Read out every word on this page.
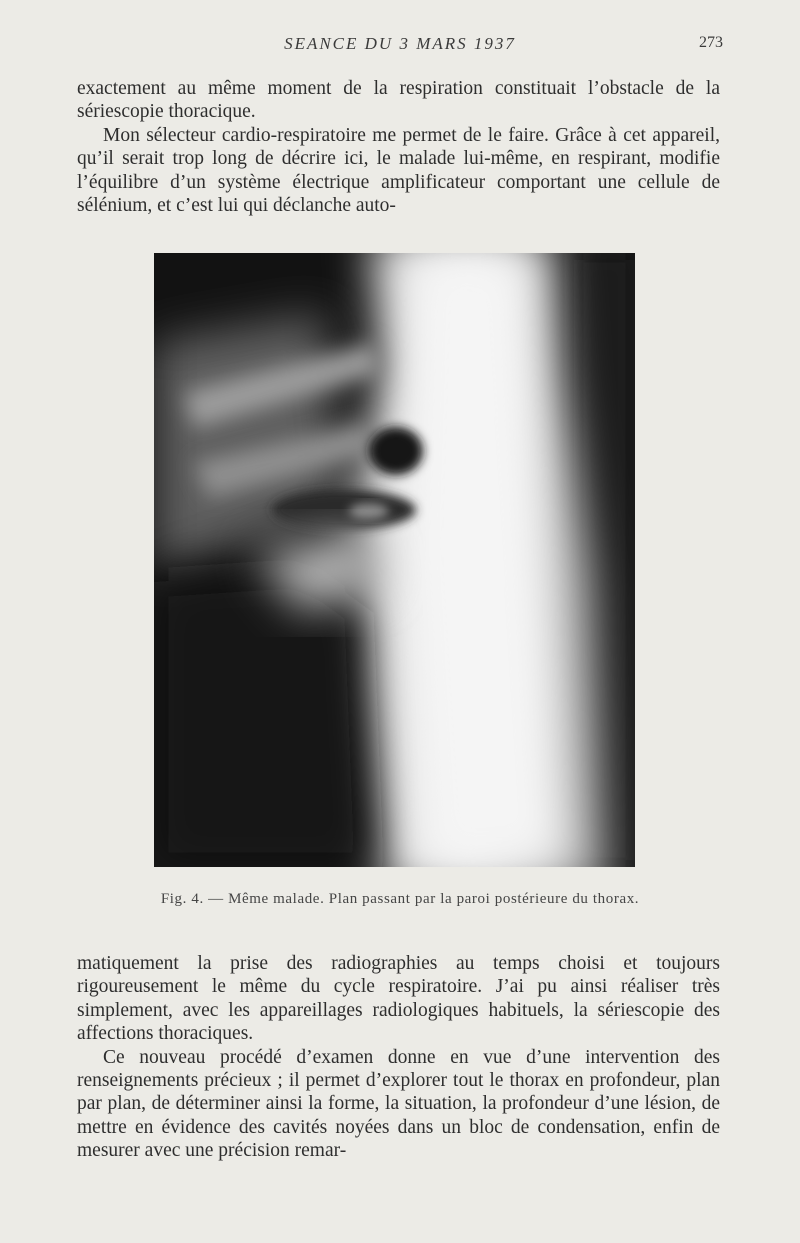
SEANCE DU 3 MARS 1937	273

exactement au même moment de la respiration constituait l’obstacle de la sériescopie thoracique.

Mon sélecteur cardio-respiratoire me permet de le faire. Grâce à cet appareil, qu’il serait trop long de décrire ici, le malade lui-même, en respirant, modifie l’équilibre d’un système électrique amplificateur comportant une cellule de sélénium, et c’est lui qui déclanche auto-

Fig. 4. — Même malade. Plan passant par la paroi postérieure du thorax.

matiquement la prise des radiographies au temps choisi et toujours rigoureusement le même du cycle respiratoire. J’ai pu ainsi réaliser très simplement, avec les appareillages radiologiques habituels, la sériescopie des affections thoraciques.

Ce nouveau procédé d’examen donne en vue d’une intervention des renseignements précieux ; il permet d’explorer tout le thorax en profondeur, plan par plan, de déterminer ainsi la forme, la situation, la profondeur d’une lésion, de mettre en évidence des cavités noyées dans un bloc de condensation, enfin de mesurer avec une précision remar-
